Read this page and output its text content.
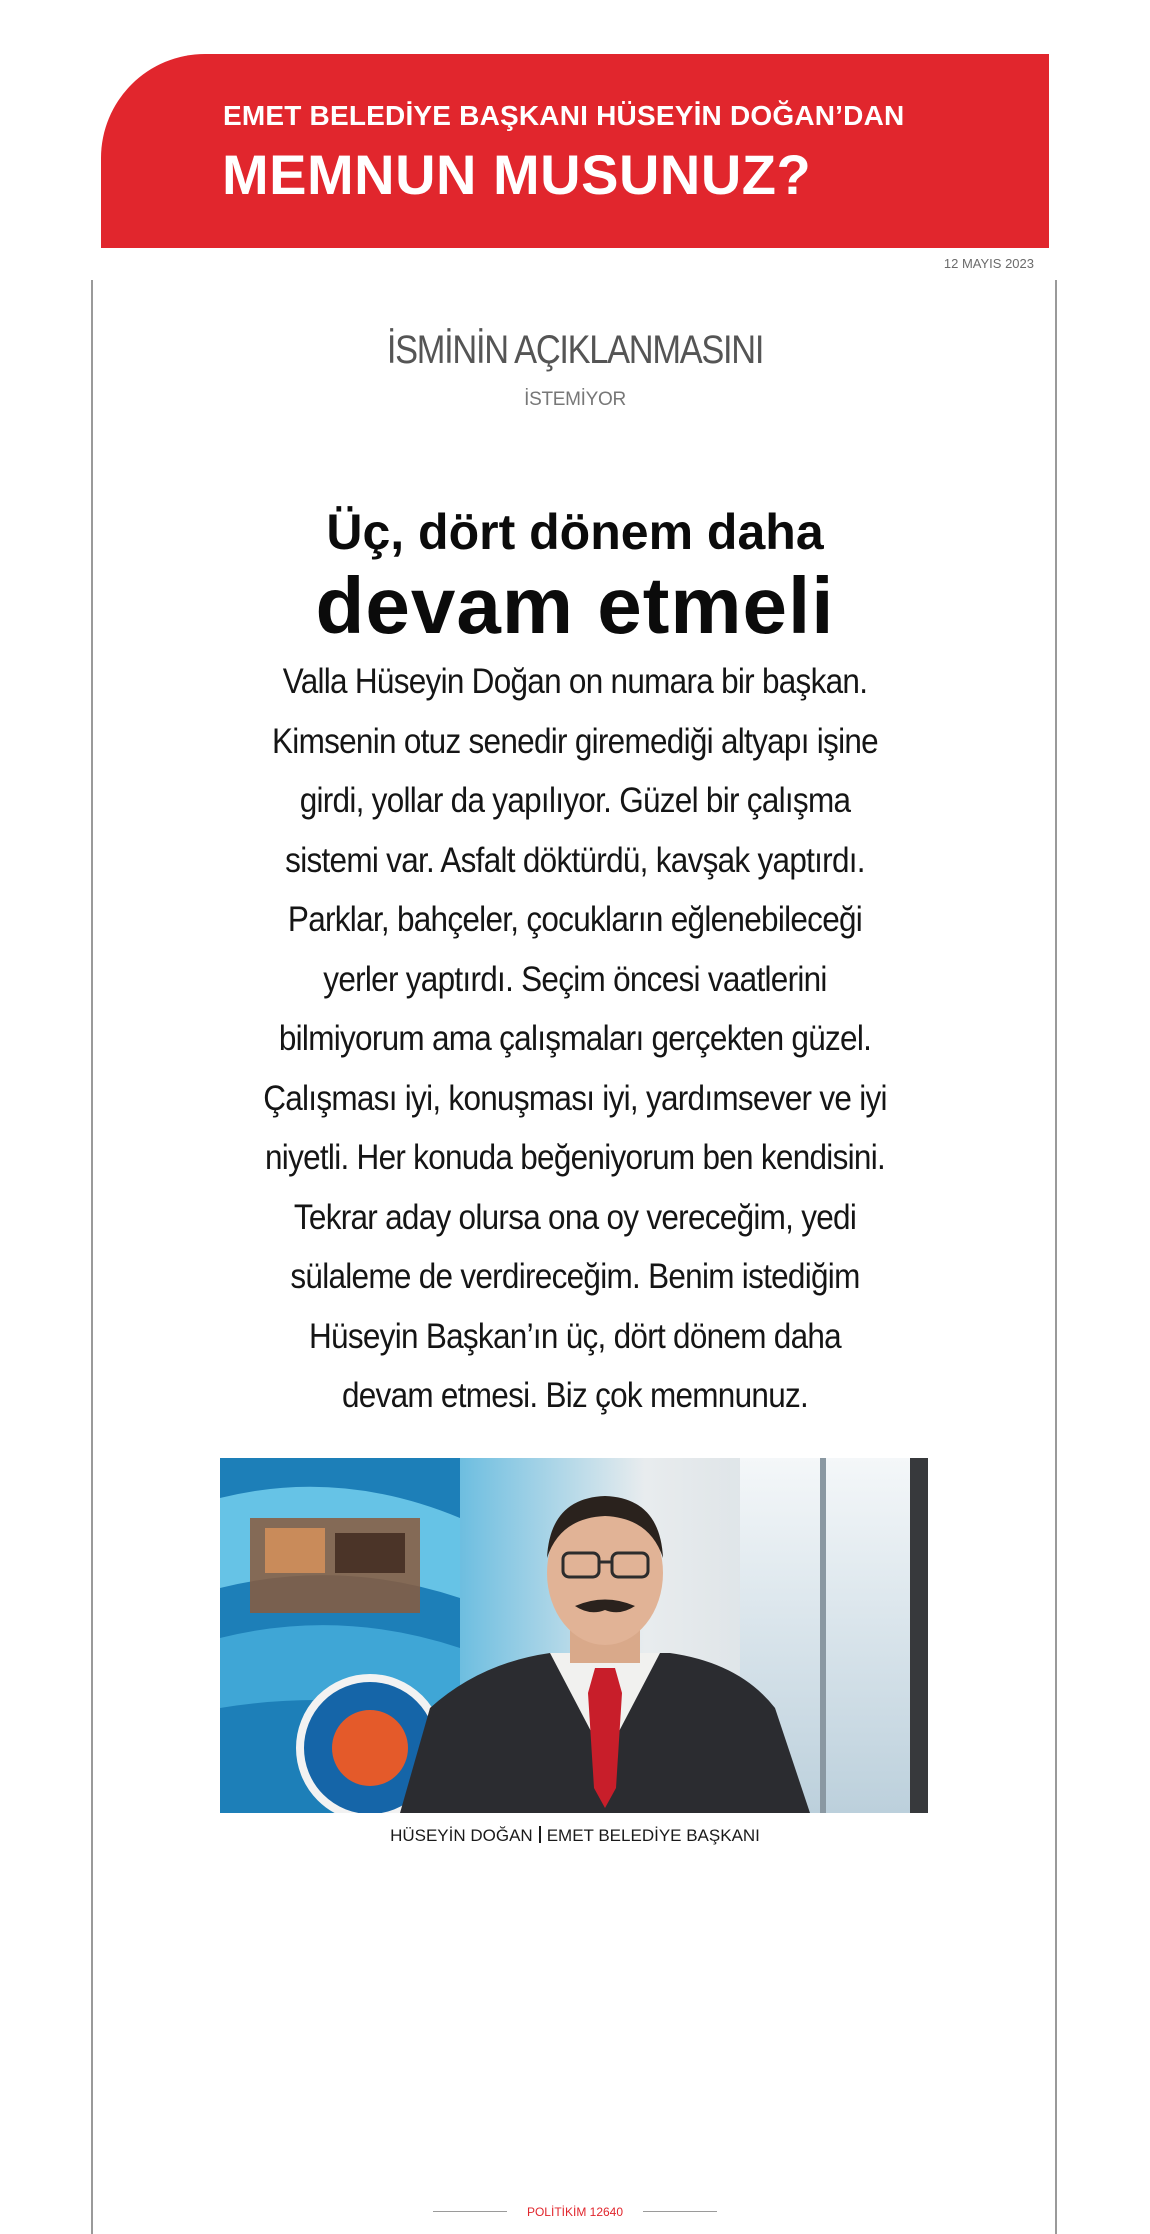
EMET BELEDİYE BAŞKANI HÜSEYİN DOĞAN’DAN
MEMNUN MUSUNUZ?
12 MAYIS 2023
İSMİNİN AÇIKLANMASINI
İSTEMİYOR
Üç, dört dönem daha
devam etmeli
Valla Hüseyin Doğan on numara bir başkan. Kimsenin otuz senedir giremediği altyapı işine girdi, yollar da yapılıyor. Güzel bir çalışma sistemi var. Asfalt döktürdü, kavşak yaptırdı. Parklar, bahçeler, çocukların eğlenebileceği yerler yaptırdı. Seçim öncesi vaatlerini bilmiyorum ama çalışmaları gerçekten güzel. Çalışması iyi, konuşması iyi, yardımsever ve iyi niyetli. Her konuda beğeniyorum ben kendisini. Tekrar aday olursa ona oy vereceğim, yedi sülaleme de verdireceğim. Benim istediğim Hüseyin Başkan’ın üç, dört dönem daha devam etmesi. Biz çok memnunuz.
HÜSEYİN DOĞAN EMET BELEDİYE BAŞKANI
POLİTİKİM 12640
